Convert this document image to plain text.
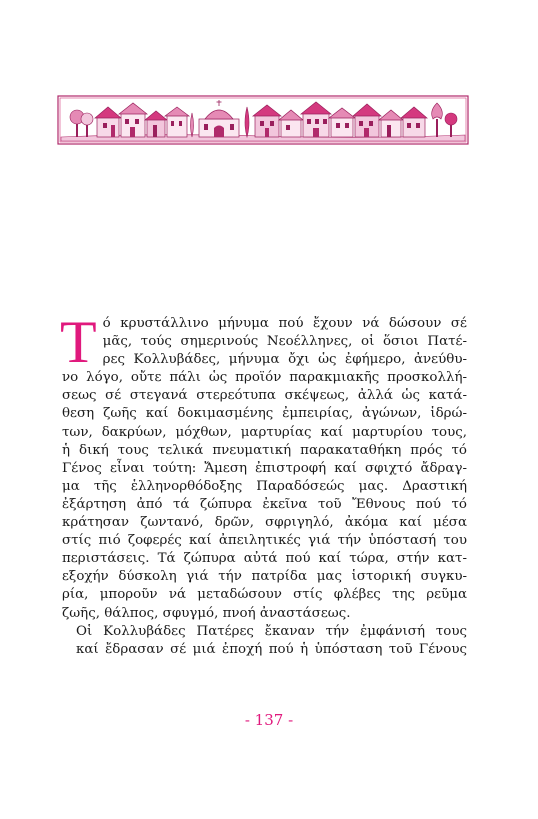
Τ ό κρυστάλλινο μήνυμα πού ἔχουν νά δώσουν σέ
μᾶς, τούς σημερινούς Νεοέλληνες, οἱ ὅσιοι Πατέ-
ρες Κολλυβάδες, μήνυμα ὄχι ὡς ἐφήμερο, ἀνεύθυ-
νο λόγο, οὔτε πάλι ὡς προϊόν παρακμιακῆς προσκολλή-
σεως σέ στεγανά στερεότυπα σκέψεως, ἀλλά ὡς κατά-
θεση ζωῆς καί δοκιμασμένης ἐμπειρίας, ἀγώνων, ἱδρώ-
των, δακρύων, μόχθων, μαρτυρίας καί μαρτυρίου τους,
ἡ δική τους τελικά πνευματική παρακαταθήκη πρός τό
Γένος εἶναι τούτη: Ἄμεση ἐπιστροφή καί σφιχτό ἄδραγ-
μα τῆς ἑλληνορθόδοξης Παραδόσεώς μας. Δραστική
ἐξάρτηση ἀπό τά ζώπυρα ἐκεῖνα τοῦ Ἔθνους πού τό
κράτησαν ζωντανό, δρῶν, σφριγηλό, ἀκόμα καί μέσα
στίς πιό ζοφερές καί ἀπειλητικές γιά τήν ὑπόστασή του
περιστάσεις. Τά ζώπυρα αὐτά πού καί τώρα, στήν κατ-
εξοχήν δύσκολη γιά τήν πατρίδα μας ἱστορική συγκυ-
ρία, μποροῦν νά μεταδώσουν στίς φλέβες της ρεῦμα
ζωῆς, θάλπος, σφυγμό, πνοή ἀναστάσεως.
Οἱ Κολλυβάδες Πατέρες ἔκαναν τήν ἐμφάνισή τους
καί ἔδρασαν σέ μιά ἐποχή πού ἡ ὑπόσταση τοῦ Γένους
- 137 -
